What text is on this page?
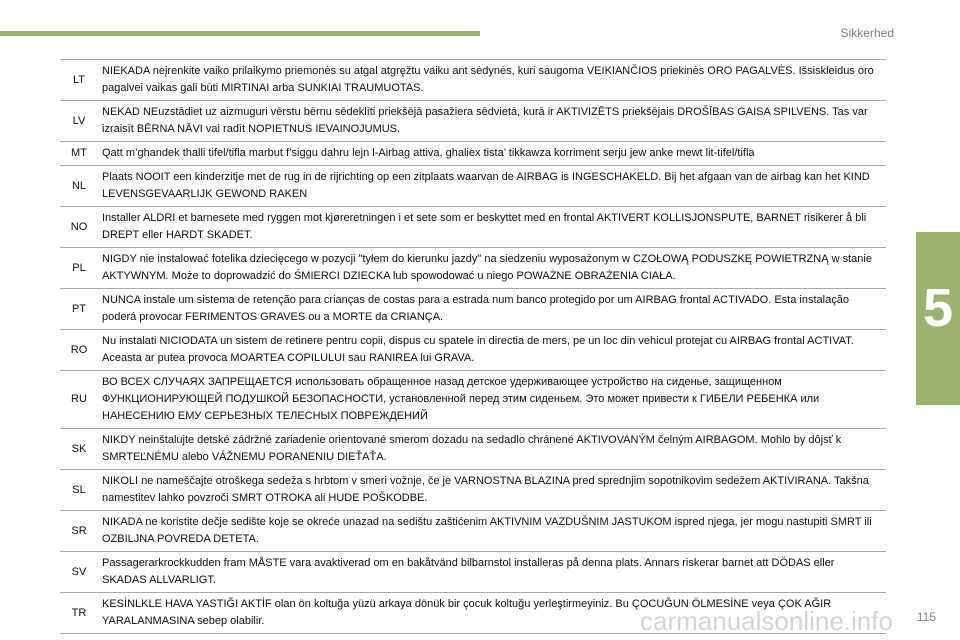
Sikkerhed
LT	NIEKADA neįrenkite vaiko prilaikymo priemonės su atgal atgręžtu vaiku ant sėdynės, kuri saugoma VEIKIANČIOS priekinės ORO PAGALVĖS. Išsiskleidus oro pagalvei vaikas gali būti MIRTINAI arba SUNKIAI TRAUMUOTAS.
LV	NEKAD NEuzstādiet uz aizmuguri vērstu bērnu sēdeklīti priekšējā pasažiera sēdvietā, kurā ir AKTIVIZĒTS priekšējais DROŠĪBAS GAISA SPILVENS. Tas var izraisīt BĒRNA NĀVI vai radīt NOPIETNUS IEVAINOJUMUS.
MT	Qatt m’ghandek thalli tifel/tifla marbut f’siggu dahru lejn l-Airbag attiva, ghaliex tista’ tikkawza korriment serju jew anke mewt lit-tifel/tifla
NL	Plaats NOOIT een kinderzitje met de rug in de rijrichting op een zitplaats waarvan de AIRBAG is INGESCHAKELD. Bij het afgaan van de airbag kan het KIND LEVENSGEVAARLIJK GEWOND RAKEN
NO	Installer ALDRI et barnesete med ryggen mot kjøreretningen i et sete som er beskyttet med en frontal AKTIVERT KOLLISJONSPUTE, BARNET risikerer å bli DREPT eller HARDT SKADET.
PL	NIGDY nie instalować fotelika dziecięcego w pozycji "tyłem do kierunku jazdy" na siedzeniu wyposażonym w CZOŁOWĄ PODUSZKĘ POWIETRZNĄ w stanie AKTYWNYM. Może to doprowadzić do ŚMIERCI DZIECKA lub spowodować u niego POWAŻNE OBRAŻENIA CIAŁA.
PT	NUNCA instale um sistema de retenção para crianças de costas para a estrada num banco protegido por um AIRBAG frontal ACTIVADO. Esta instalação poderá provocar FERIMENTOS GRAVES ou a MORTE da CRIANÇA.
RO	Nu instalati NICIODATA un sistem de retinere pentru copii, dispus cu spatele in directia de mers, pe un loc din vehicul protejat cu AIRBAG frontal ACTIVAT. Aceasta ar putea provoca MOARTEA COPILULUI sau RANIREA lui GRAVA.
RU	ВО ВСЕХ СЛУЧАЯХ ЗАПРЕЩАЕТСЯ использовать обращенное назад детское удерживающее устройство на сиденье, защищенном ФУНКЦИОНИРУЮЩЕЙ ПОДУШКОЙ БЕЗОПАСНОСТИ, установленной перед этим сиденьем. Это может привести к ГИБЕЛИ РЕБЕНКА или НАНЕСЕНИЮ ЕМУ СЕРЬЕЗНЫХ ТЕЛЕСНЫХ ПОВРЕЖДЕНИЙ
SK	NIKDY neinštalujte detské zádržné zariadenie orientované smerom dozadu na sedadlo chránené AKTIVOVANÝM čelným AIRBAGOM. Mohlo by dôjsť k SMRTEĽNÉMU alebo VÁŽNEMU PORANENIU DIEŤAŤA.
SL	NIKOLI ne nameščajte otroškega sedeža s hrbtom v smeri vožnje, če je VARNOSTNA BLAZINA pred sprednjim sopotnikovim sedežem AKTIVIRANA. Takšna namestitev lahko povzroči SMRT OTROKA ali HUDE POŠKODBE.
SR	NIKADA ne koristite dečje sedište koje se okreće unazad na sedištu zaštićenim AKTIVNIM VAZDUŠNIM JASTUKOM ispred njega, jer mogu nastupiti SMRT ili OZBILJNA POVREDA DETETA.
SV	Passagerarkrockkudden fram MÅSTE vara avaktiverad om en bakåtvänd bilbarnstol installeras på denna plats. Annars riskerar barnet att DÖDAS eller SKADAS ALLVARLIGT.
TR	KESİNLKLE HAVA YASTIĞI AKTİF olan ön koltuğa yüzü arkaya dönük bir çocuk koltuğu yerleştirmeyiniz. Bu ÇOCUĞUN ÖLMESİNE veya ÇOK AĞIR YARALANMASINA sebep olabilir.
5
carmanualsonline.info 115
